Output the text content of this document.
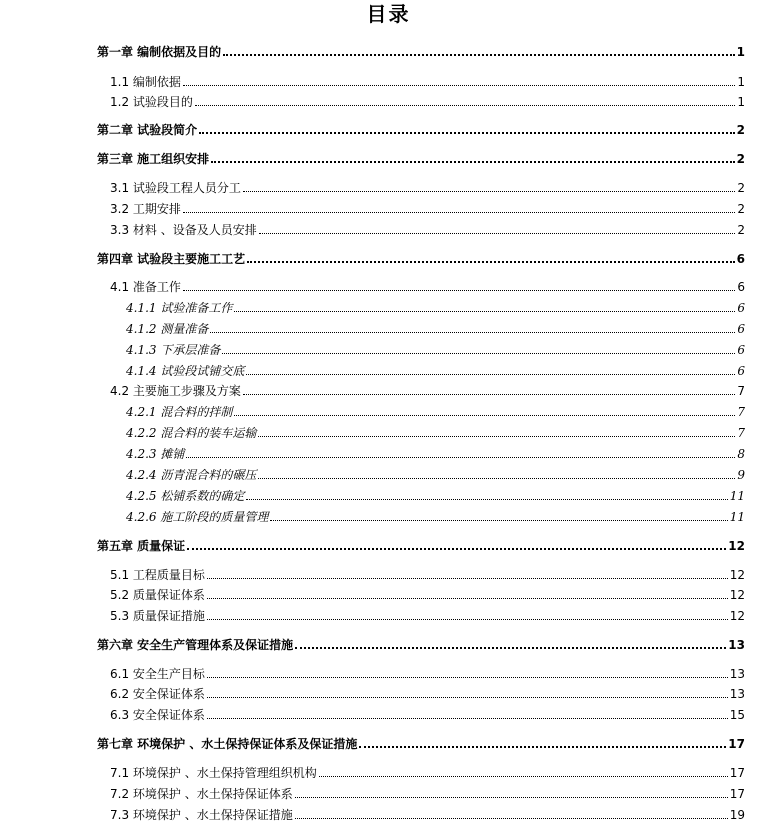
目录
第一章 编制依据及目的	1
1.1 编制依据	1
1.2 试验段目的	1
第二章 试验段简介	2
第三章 施工组织安排	2
3.1 试验段工程人员分工	2
3.2 工期安排	2
3.3 材料 、设备及人员安排	2
第四章 试验段主要施工工艺	6
4.1 准备工作	6
4.1.1 试验准备工作	6
4.1.2 测量准备	6
4.1.3 下承层准备	6
4.1.4 试验段试铺交底	6
4.2 主要施工步骤及方案	7
4.2.1 混合料的拌制	7
4.2.2 混合料的装车运输	7
4.2.3 摊铺	8
4.2.4 沥青混合料的碾压	9
4.2.5 松铺系数的确定	11
4.2.6 施工阶段的质量管理	11
第五章 质量保证	12
5.1 工程质量目标	12
5.2 质量保证体系	12
5.3 质量保证措施	12
第六章 安全生产管理体系及保证措施	13
6.1 安全生产目标	13
6.2 安全保证体系	13
6.3 安全保证体系	15
第七章 环境保护 、水土保持保证体系及保证措施	17
7.1 环境保护 、水土保持管理组织机构	17
7.2 环境保护 、水土保持保证体系	17
7.3 环境保护 、水土保持保证措施	19
